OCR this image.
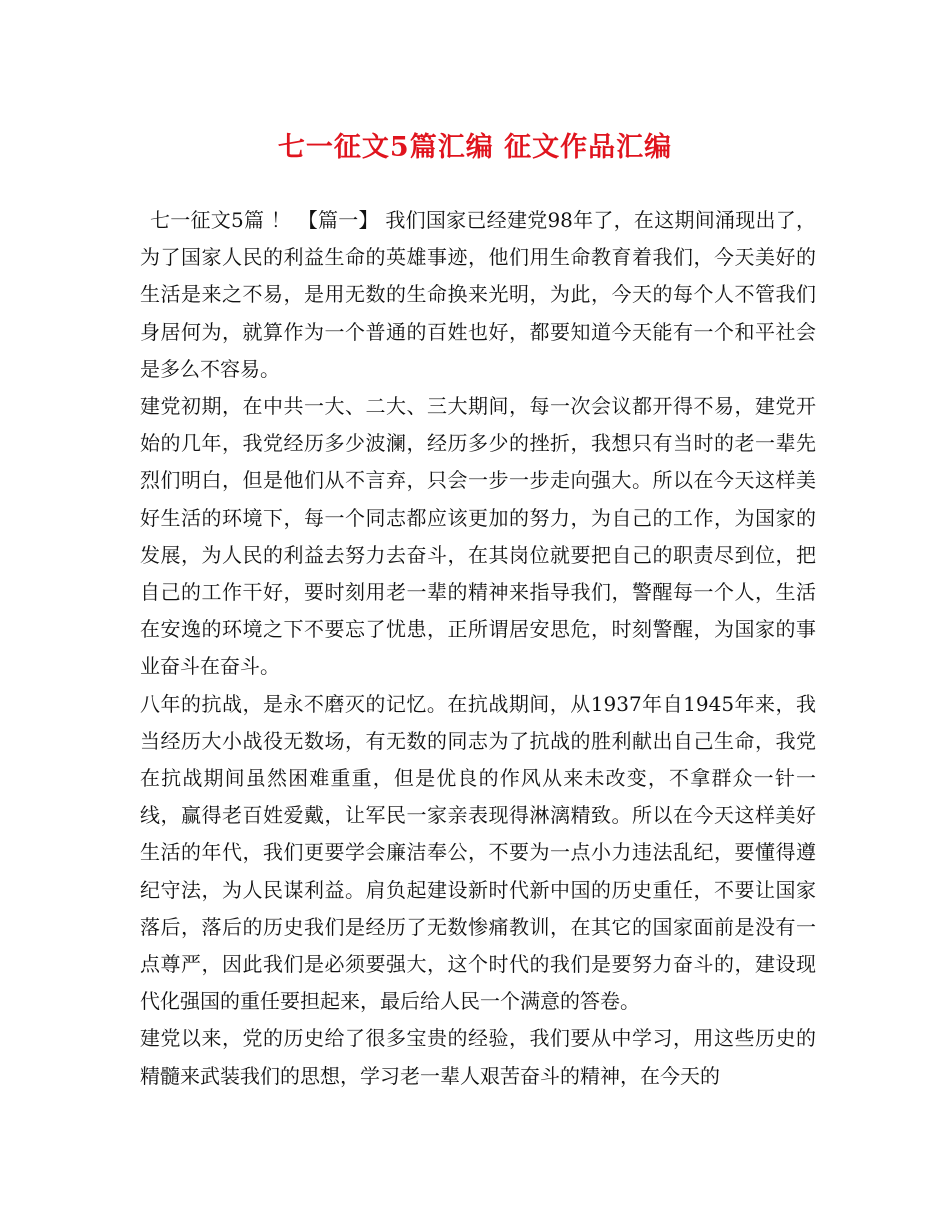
七一征文5篇汇编 征文作品汇编

七一征文5篇 ！ 【篇一】 我们国家已经建党98年了，在这期间涌现出了，为了国家人民的利益生命的英雄事迹，他们用生命教育着我们，今天美好的生活是来之不易，是用无数的生命换来光明，为此，今天的每个人不管我们身居何为，就算作为一个普通的百姓也好，都要知道今天能有一个和平社会是多么不容易。

建党初期，在中共一大、二大、三大期间，每一次会议都开得不易，建党开始的几年，我党经历多少波澜，经历多少的挫折，我想只有当时的老一辈先烈们明白，但是他们从不言弃，只会一步一步走向强大。所以在今天这样美好生活的环境下，每一个同志都应该更加的努力，为自己的工作，为国家的发展，为人民的利益去努力去奋斗，在其岗位就要把自己的职责尽到位，把自己的工作干好，要时刻用老一辈的精神来指导我们，警醒每一个人，生活在安逸的环境之下不要忘了忧患，正所谓居安思危，时刻警醒，为国家的事业奋斗在奋斗。

八年的抗战，是永不磨灭的记忆。在抗战期间，从1937年自1945年来，我当经历大小战役无数场，有无数的同志为了抗战的胜利献出自己生命，我党在抗战期间虽然困难重重，但是优良的作风从来未改变，不拿群众一针一线，赢得老百姓爱戴，让军民一家亲表现得淋漓精致。所以在今天这样美好生活的年代，我们更要学会廉洁奉公，不要为一点小力违法乱纪，要懂得遵纪守法，为人民谋利益。肩负起建设新时代新中国的历史重任，不要让国家落后，落后的历史我们是经历了无数惨痛教训，在其它的国家面前是没有一点尊严，因此我们是必须要强大，这个时代的我们是要努力奋斗的，建设现代化强国的重任要担起来，最后给人民一个满意的答卷。

建党以来，党的历史给了很多宝贵的经验，我们要从中学习，用这些历史的精髓来武装我们的思想，学习老一辈人艰苦奋斗的精神，在今天的
